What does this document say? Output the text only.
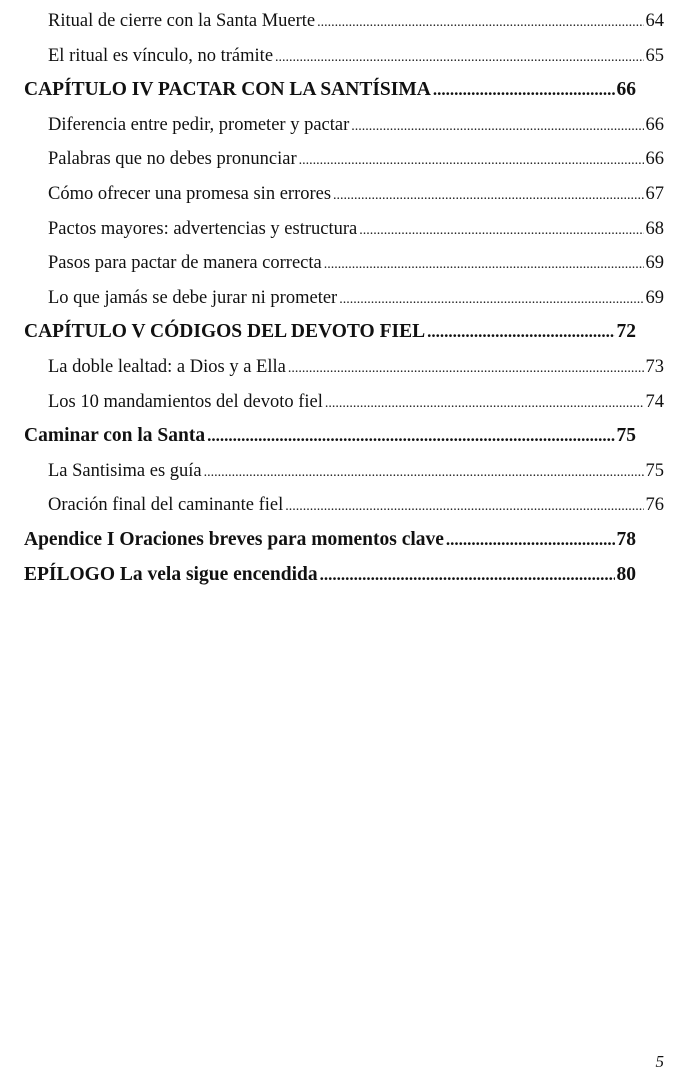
Ritual de cierre con la Santa Muerte .....	64
El ritual es vínculo, no trámite .....	65
CAPÍTULO IV PACTAR CON LA SANTÍSIMA .....	66
Diferencia entre pedir, prometer y pactar .....	66
Palabras que no debes pronunciar .....	66
Cómo ofrecer una promesa sin errores .....	67
Pactos mayores: advertencias y estructura .....	68
Pasos para pactar de manera correcta .....	69
Lo que jamás se debe jurar ni prometer .....	69
CAPÍTULO V CÓDIGOS DEL DEVOTO FIEL .....	72
La doble lealtad: a Dios y a Ella .....	73
Los 10 mandamientos del devoto fiel .....	74
Caminar con la Santa .....	75
La Santisima es guía .....	75
Oración final del caminante fiel .....	76
Apendice I Oraciones breves para momentos clave .....	78
EPÍLOGO La vela sigue encendida .....	80
5
